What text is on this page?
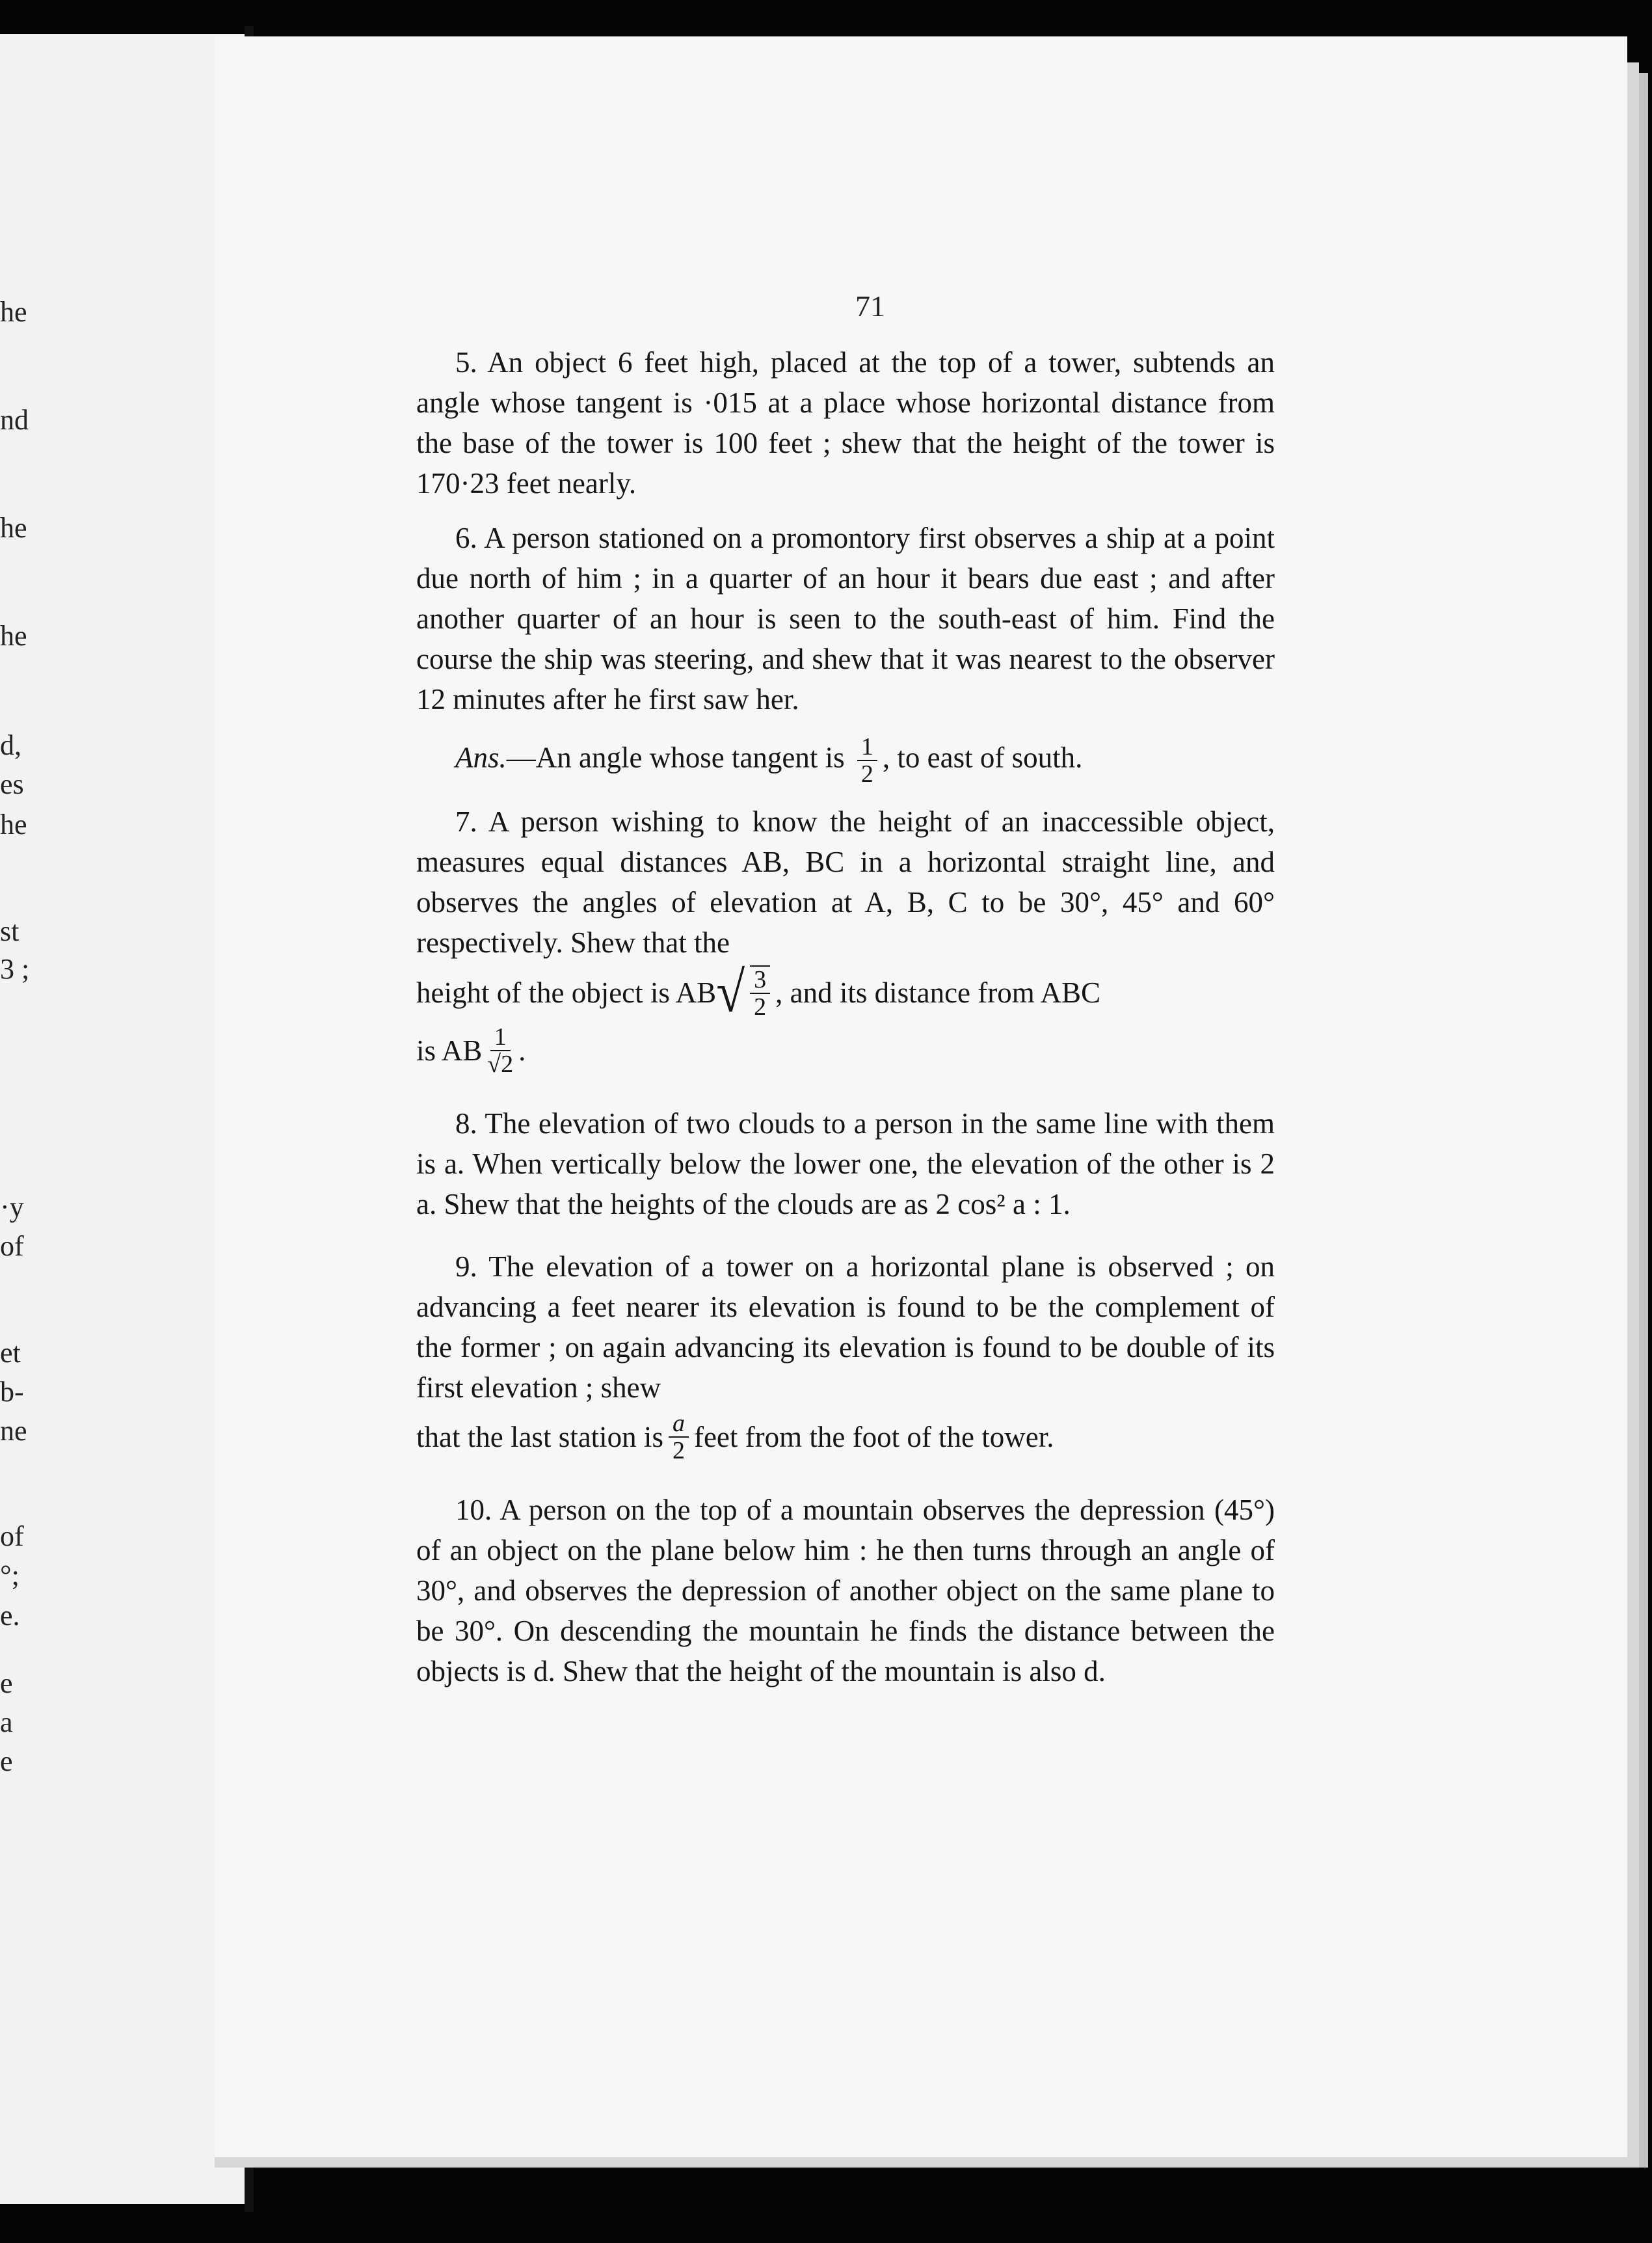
he
nd
he
he
d,
es
he
st
3 ;
·y
of
et
b-
ne
of
°;
e.
e
a
e
71

5. An object 6 feet high, placed at the top of a tower, subtends an angle whose tangent is ·015 at a place whose horizontal distance from the base of the tower is 100 feet ; shew that the height of the tower is 170·23 feet nearly.

6. A person stationed on a promontory first observes a ship at a point due north of him ; in a quarter of an hour it bears due east ; and after another quarter of an hour is seen to the south-east of him. Find the course the ship was steering, and shew that it was nearest to the observer 12 minutes after he first saw her.

Ans.—An angle whose tangent is $\frac{1}{2}$ , to east of south.

7. A person wishing to know the height of an inaccessible object, measures equal distances AB, BC in a horizontal straight line, and observes the angles of elevation at A, B, C to be 30°, 45° and 60° respectively. Shew that the

height of the object is AB √ $\frac{3}{2}$ , and its distance from ABC
is AB $\frac{1}{√2}$ .

8. The elevation of two clouds to a person in the same line with them is a. When vertically below the lower one, the elevation of the other is 2 a. Shew that the heights of the clouds are as 2 cos² a : 1.

9. The elevation of a tower on a horizontal plane is observed ; on advancing a feet nearer its elevation is found to be the complement of the former ; on again advancing its elevation is found to be double of its first elevation ; shew

that the last station is $\frac{a}{2}$ feet from the foot of the tower.

10. A person on the top of a mountain observes the depression (45°) of an object on the plane below him : he then turns through an angle of 30°, and observes the depression of another object on the same plane to be 30°. On descending the mountain he finds the distance between the objects is d. Shew that the height of the mountain is also d.
